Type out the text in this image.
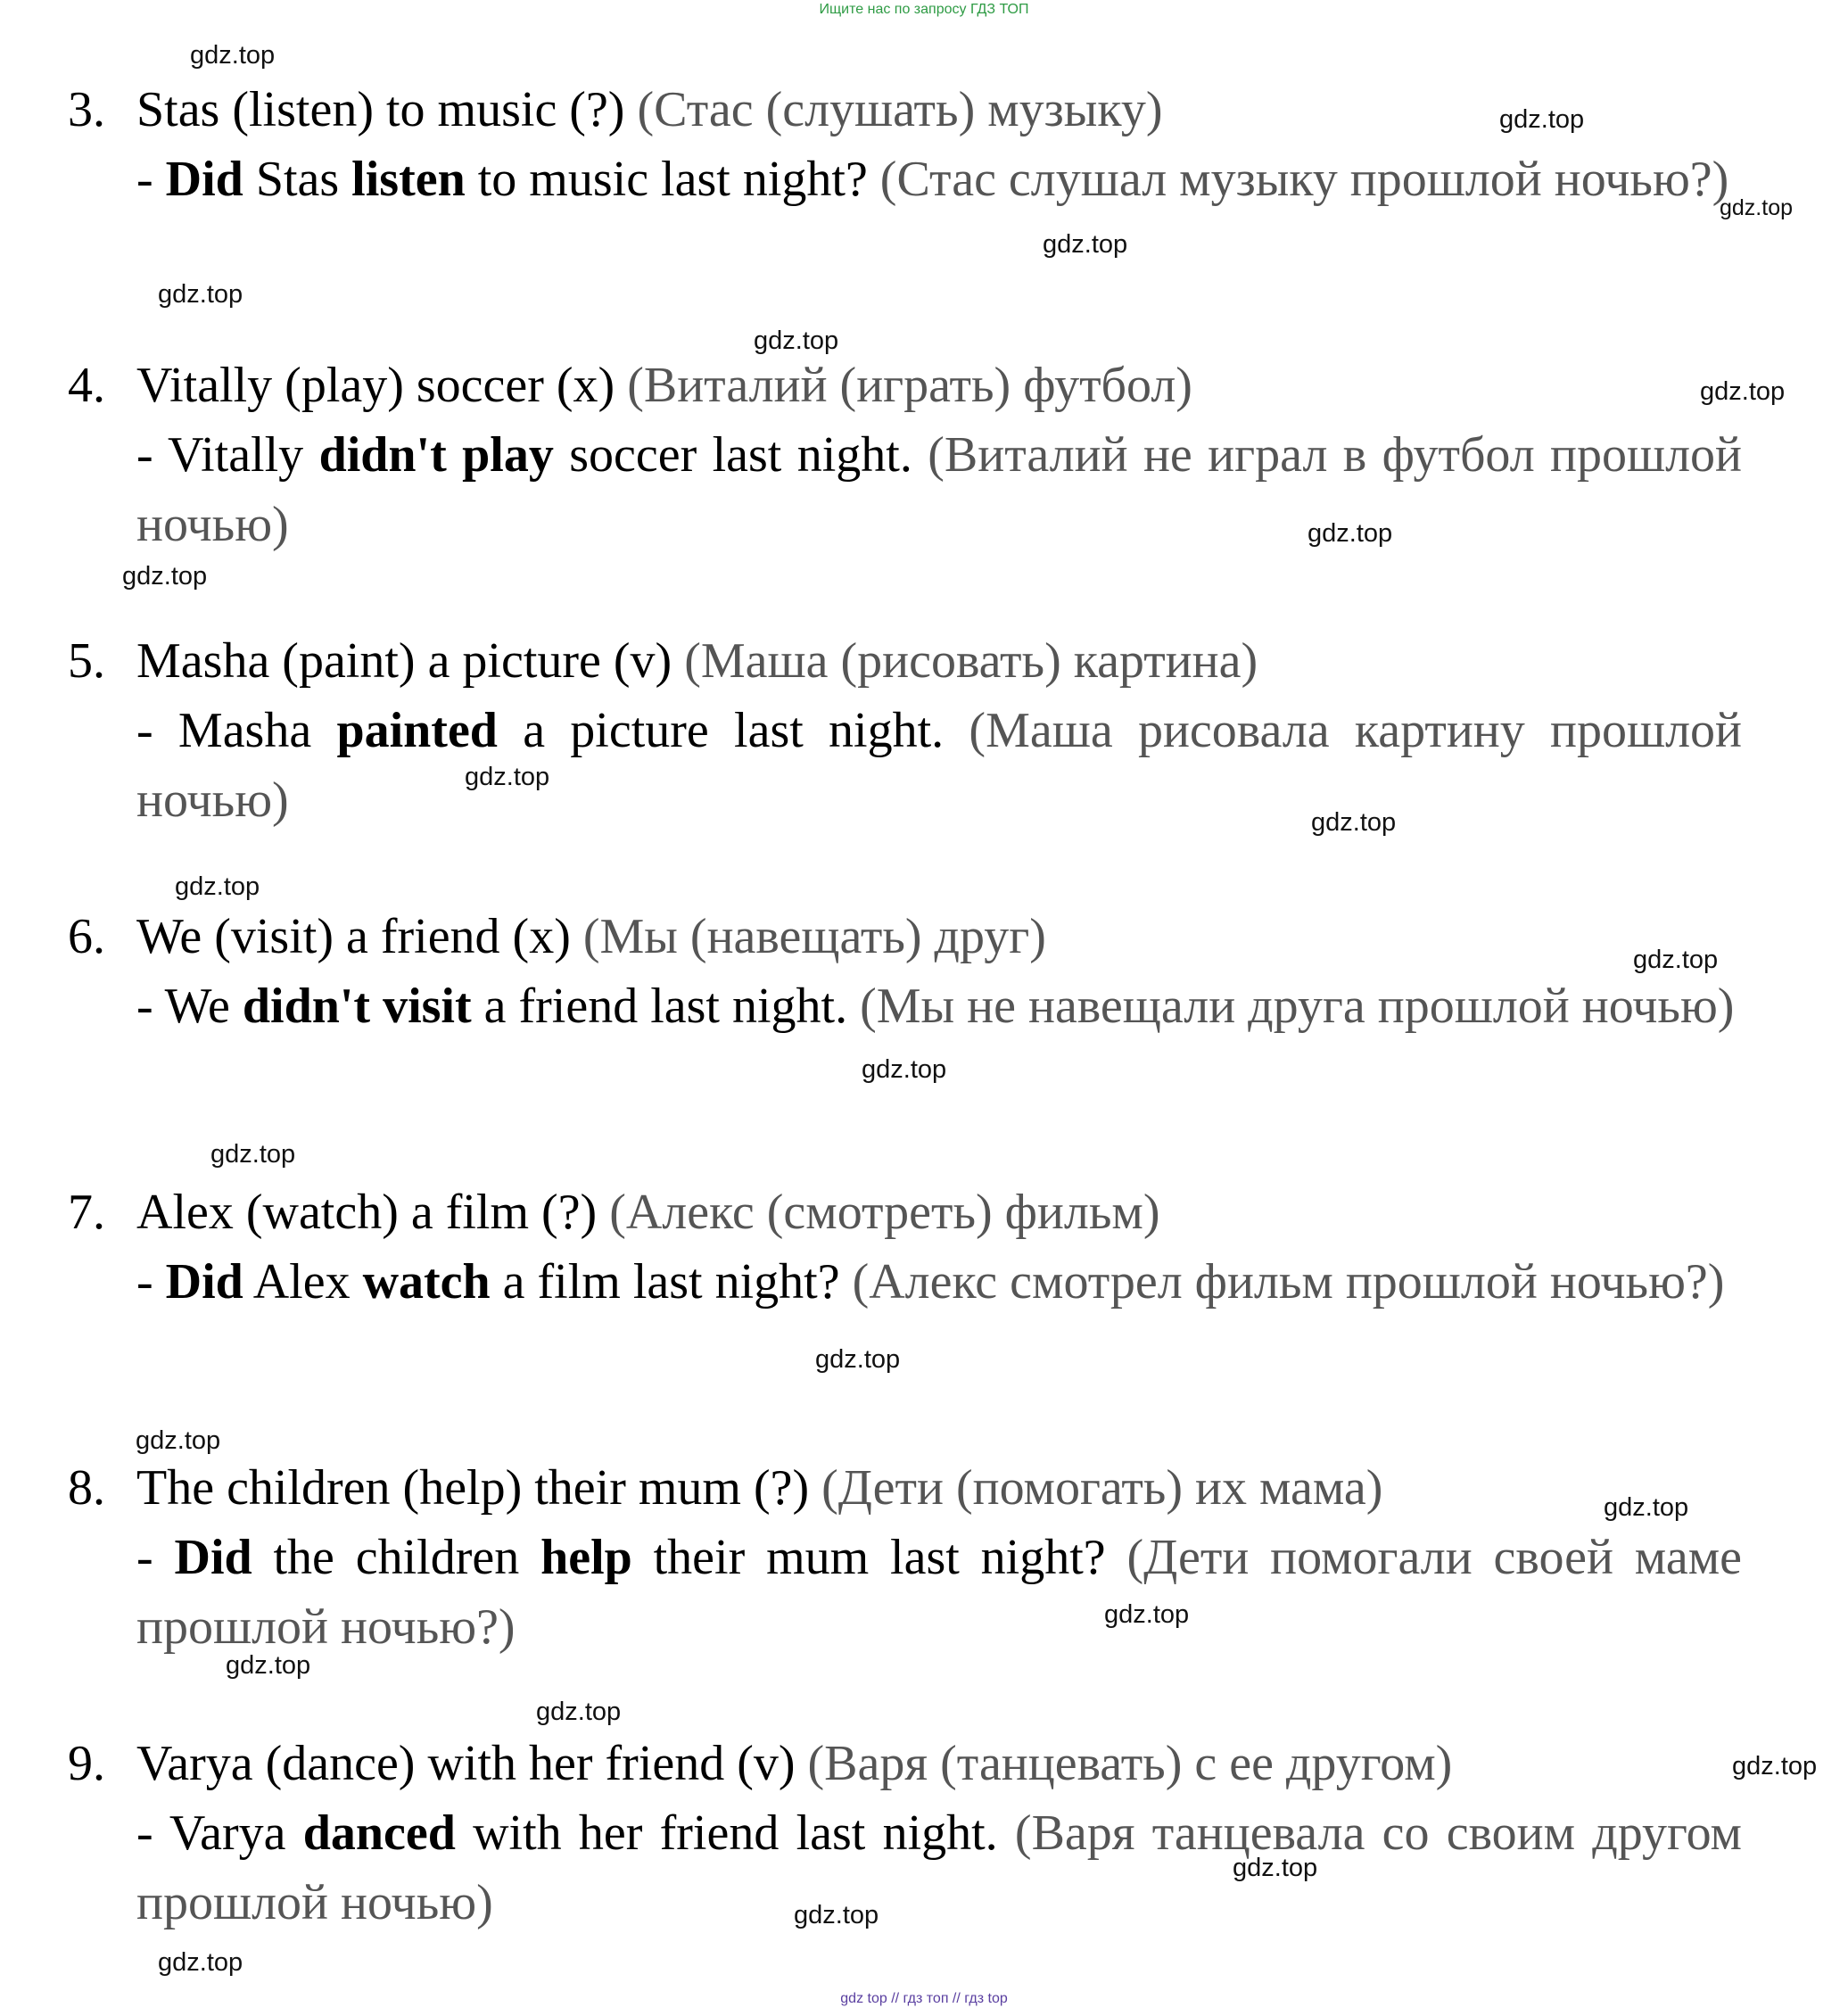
Ищите нас по запросу ГДЗ ТОП
3. Stas (listen) to music (?) (Стас (слушать) музыку)
- Did Stas listen to music last night? (Стас слушал музыку прошлой ночью?)
4. Vitally (play) soccer (x) (Виталий (играть) футбол)
- Vitally didn't play soccer last night. (Виталий не играл в футбол прошлой ночью)
5. Masha (paint) a picture (v) (Маша (рисовать) картина)
- Masha painted a picture last night. (Маша рисовала картину прошлой ночью)
6. We (visit) a friend (x) (Мы (навещать) друг)
- We didn't visit a friend last night. (Мы не навещали друга прошлой ночью)
7. Alex (watch) a film (?) (Алекс (смотреть) фильм)
- Did Alex watch a film last night? (Алекс смотрел фильм прошлой ночью?)
8. The children (help) their mum (?) (Дети (помогать) их мама)
- Did the children help their mum last night? (Дети помогали своей маме прошлой ночью?)
9. Varya (dance) with her friend (v) (Варя (танцевать) с ее другом)
- Varya danced with her friend last night. (Варя танцевала со своим другом прошлой ночью)
gdz.top
gdz.top
gdz.top
gdz.top
gdz.top
gdz.top
gdz.top
gdz.top
gdz.top
gdz.top
gdz.top
gdz.top
gdz.top
gdz.top
gdz.top
gdz.top
gdz.top
gdz.top
gdz.top
gdz.top
gdz.top
gdz.top
gdz.top
gdz.top
gdz.top
gdz top // гдз топ // гдз top
